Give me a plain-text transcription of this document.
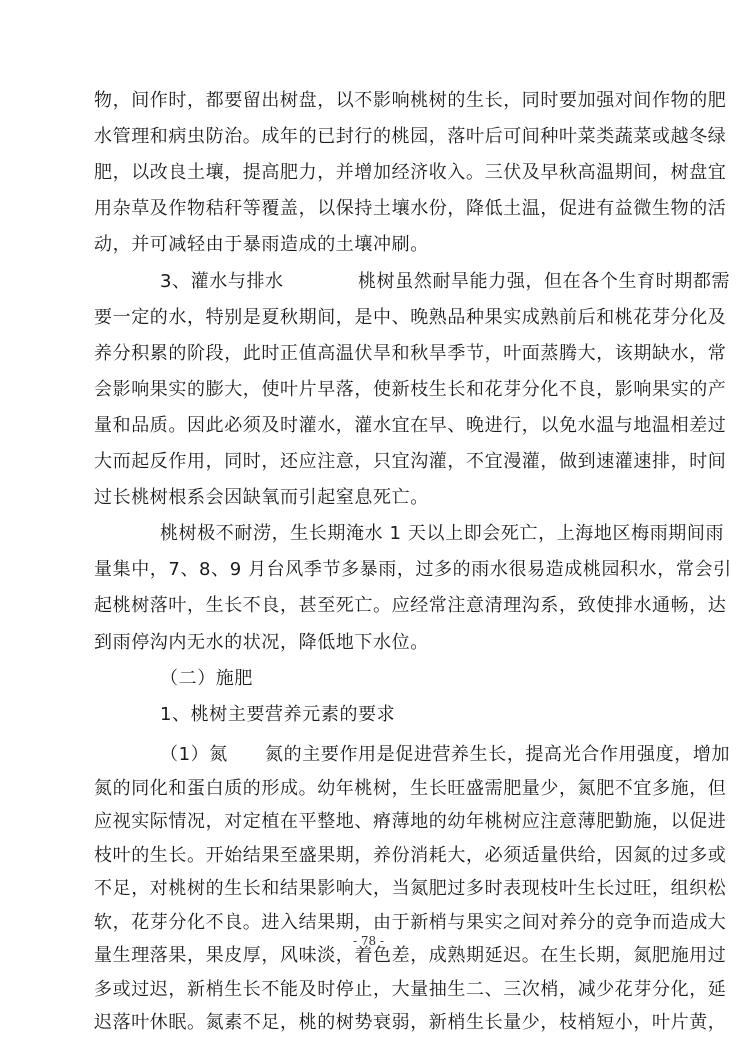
物，间作时，都要留出树盘，以不影响桃树的生长，同时要加强对间作物的肥
水管理和病虫防治。成年的已封行的桃园，落叶后可间种叶菜类蔬菜或越冬绿
肥，以改良土壤，提高肥力，并增加经济收入。三伏及早秋高温期间，树盘宜
用杂草及作物秸秆等覆盖，以保持土壤水份，降低土温，促进有益微生物的活
动，并可减轻由于暴雨造成的土壤冲刷。
3、灌水与排水　　　　桃树虽然耐旱能力强，但在各个生育时期都需
要一定的水，特别是夏秋期间，是中、晚熟品种果实成熟前后和桃花芽分化及
养分积累的阶段，此时正值高温伏旱和秋旱季节，叶面蒸腾大，该期缺水，常
会影响果实的膨大，使叶片早落，使新枝生长和花芽分化不良，影响果实的产
量和品质。因此必须及时灌水，灌水宜在早、晚进行，以免水温与地温相差过
大而起反作用，同时，还应注意，只宜沟灌，不宜漫灌，做到速灌速排，时间
过长桃树根系会因缺氧而引起窒息死亡。
桃树极不耐涝，生长期淹水 1 天以上即会死亡，上海地区梅雨期间雨
量集中，7、8、9 月台风季节多暴雨，过多的雨水很易造成桃园积水，常会引
起桃树落叶，生长不良，甚至死亡。应经常注意清理沟系，致使排水通畅，达
到雨停沟内无水的状况，降低地下水位。
（二）施肥
1、桃树主要营养元素的要求
（1）氮　　氮的主要作用是促进营养生长，提高光合作用强度，增加
氮的同化和蛋白质的形成。幼年桃树，生长旺盛需肥量少，氮肥不宜多施，但
应视实际情况，对定植在平整地、瘠薄地的幼年桃树应注意薄肥勤施，以促进
枝叶的生长。开始结果至盛果期，养份消耗大，必须适量供给，因氮的过多或
不足，对桃树的生长和结果影响大，当氮肥过多时表现枝叶生长过旺，组织松
软，花芽分化不良。进入结果期，由于新梢与果实之间对养分的竞争而造成大
量生理落果，果皮厚，风味淡，着色差，成熟期延迟。在生长期，氮肥施用过
多或过迟，新梢生长不能及时停止，大量抽生二、三次梢，减少花芽分化，延
迟落叶休眠。氮素不足，桃的树势衰弱，新梢生长量少，枝梢短小，叶片黄，
- 78 -
